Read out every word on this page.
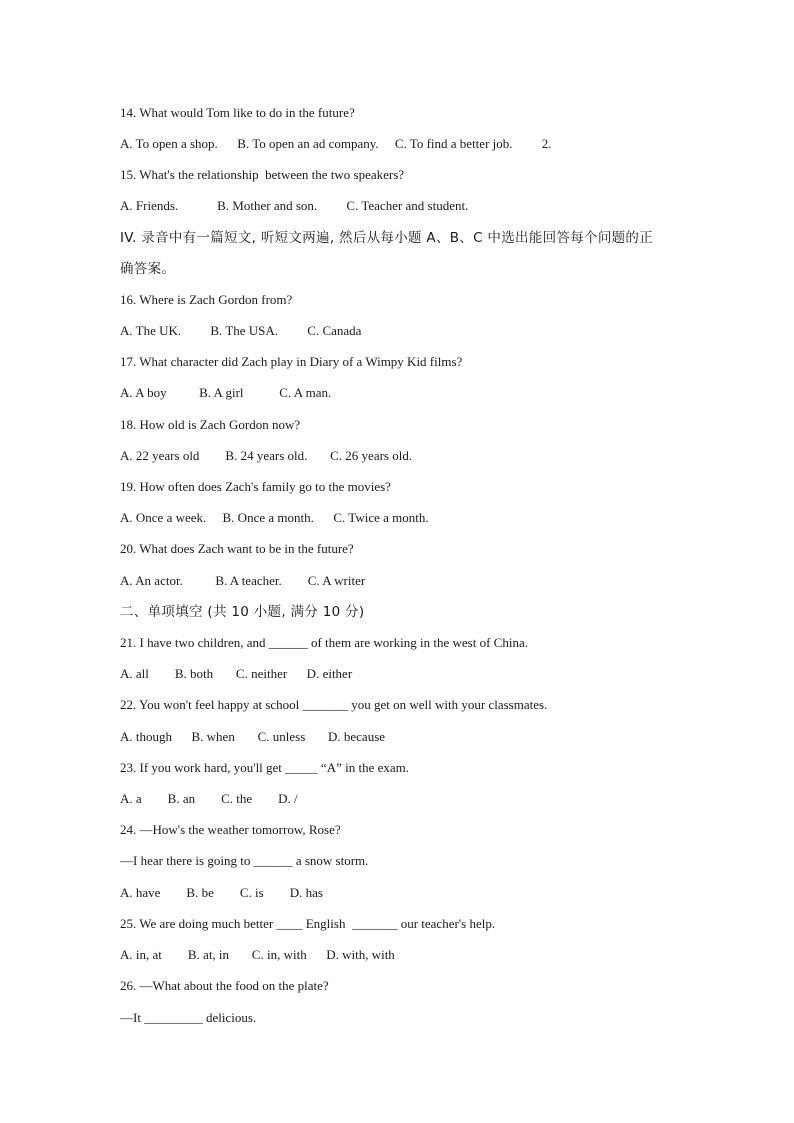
14. What would Tom like to do in the future?
A. To open a shop.      B. To open an ad company.     C. To find a better job.         2.
15. What's the relationship  between the two speakers?
A. Friends.            B. Mother and son.         C. Teacher and student.
IV. 录音中有一篇短文, 听短文两遍, 然后从每小题 A、B、C 中选出能回答每个问题的正
确答案。
16. Where is Zach Gordon from?
A. The UK.         B. The USA.         C. Canada
17. What character did Zach play in Diary of a Wimpy Kid films?
A. A boy          B. A girl           C. A man.
18. How old is Zach Gordon now?
A. 22 years old        B. 24 years old.       C. 26 years old.
19. How often does Zach's family go to the movies?
A. Once a week.     B. Once a month.      C. Twice a month.
20. What does Zach want to be in the future?
A. An actor.          B. A teacher.        C. A writer
二、单项填空 (共 10 小题, 满分 10 分)
21. I have two children, and ______ of them are working in the west of China.
A. all        B. both       C. neither      D. either
22. You won't feel happy at school _______ you get on well with your classmates.
A. though      B. when       C. unless       D. because
23. If you work hard, you'll get _____ “A” in the exam.
A. a        B. an        C. the        D. /
24. —How's the weather tomorrow, Rose?
—I hear there is going to ______ a snow storm.
A. have        B. be        C. is        D. has
25. We are doing much better ____ English  _______ our teacher's help.
A. in, at        B. at, in       C. in, with      D. with, with
26. —What about the food on the plate?
—It _________ delicious.
